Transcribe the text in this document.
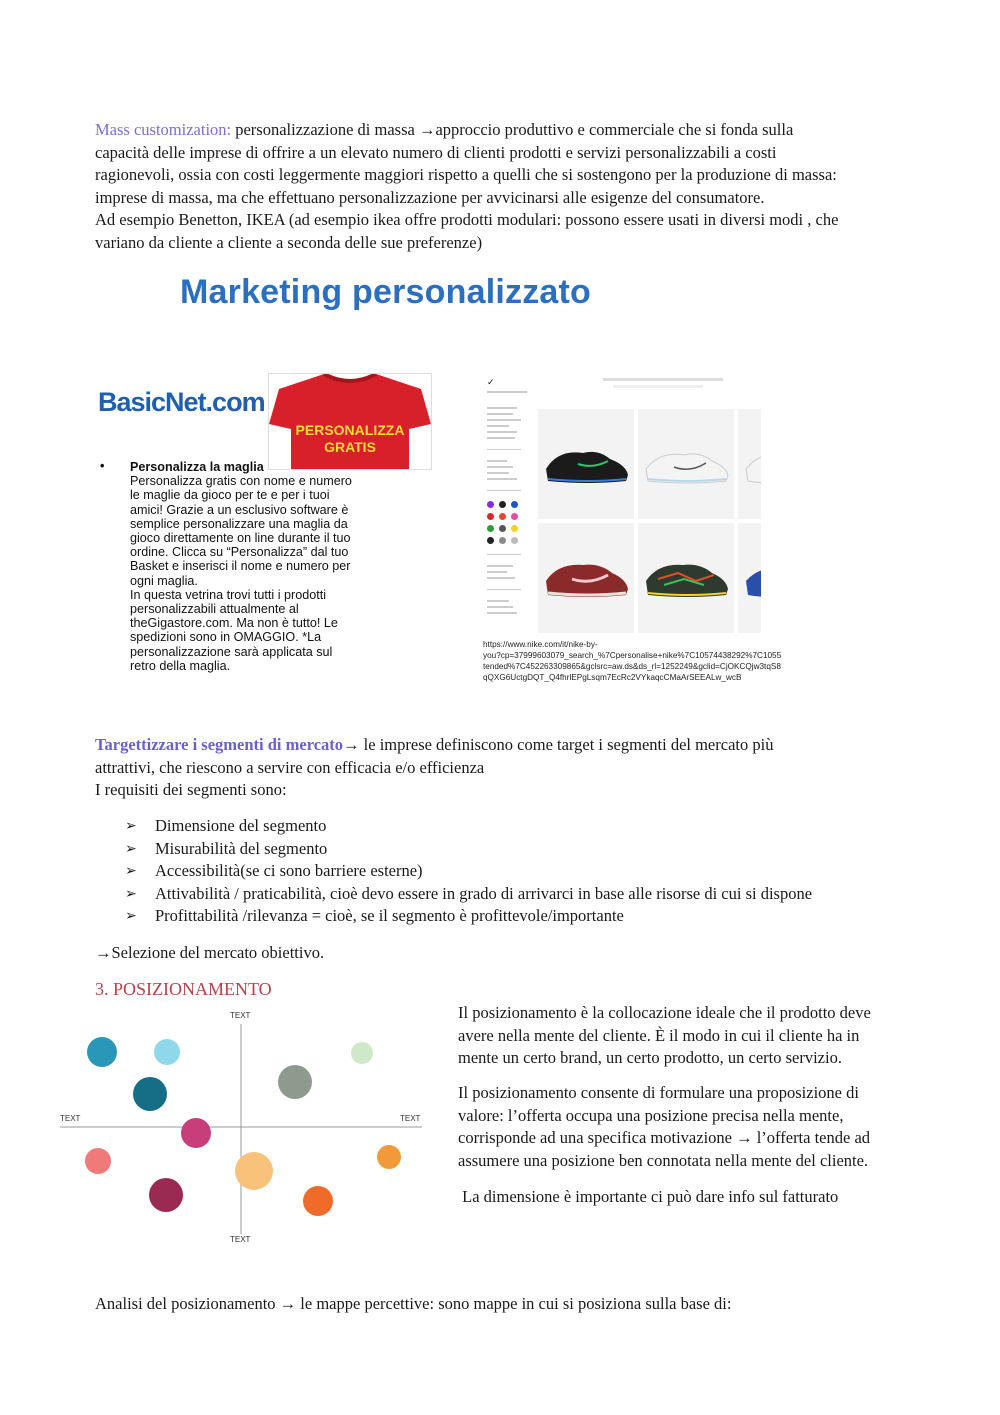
Mass customization: personalizzazione di massa →approccio produttivo e commerciale che si fonda sulla
capacità delle imprese di offrire a un elevato numero di clienti prodotti e servizi personalizzabili a costi
ragionevoli, ossia con costi leggermente maggiori rispetto a quelli che si sostengono per la produzione di massa:
imprese di massa, ma che effettuano personalizzazione per avvicinarsi alle esigenze del consumatore.
Ad esempio Benetton, IKEA (ad esempio ikea offre prodotti modulari: possono essere usati in diversi modi , che
variano da cliente a cliente a seconda delle sue preferenze)
Marketing personalizzato
BasicNet.com
PERSONALIZZA
GRATIS
• Personalizza la maglia
Personalizza gratis con nome e numero
le maglie da gioco per te e per i tuoi
amici! Grazie a un esclusivo software è
semplice personalizzare una maglia da
gioco direttamente on line durante il tuo
ordine. Clicca su “Personalizza” dal tuo
Basket e inserisci il nome e numero per
ogni maglia.
In questa vetrina trovi tutti i prodotti
personalizzabili attualmente al
theGigastore.com. Ma non è tutto! Le
spedizioni sono in OMAGGIO. *La
personalizzazione sarà applicata sul
retro della maglia.
✓
https://www.nike.com/it/nike-by-
you?cp=37999603079_search_%7Cpersonalise+nike%7C10574438292%7C1055
tended%7C452263309865&gclsrc=aw.ds&ds_rl=1252249&gclid=CjOKCQjw3tqS8
qQXG6UctgDQT_Q4fhrlEPgLsqm7EcRc2VYkaqcCMaArSEEALw_wcB
Targettizzare i segmenti di mercato→ le imprese definiscono come target i segmenti del mercato più
attrattivi, che riescono a servire con efficacia e/o efficienza
I requisiti dei segmenti sono:
➢ Dimensione del segmento
➢ Misurabilità del segmento
➢ Accessibilità(se ci sono barriere esterne)
➢ Attivabilità / praticabilità, cioè devo essere in grado di arrivarci in base alle risorse di cui si dispone
➢ Profittabilità /rilevanza = cioè, se il segmento è profittevole/importante
→Selezione del mercato obiettivo.
3. POSIZIONAMENTO
TEXT
TEXT
TEXT	TEXT
Il posizionamento è la collocazione ideale che il prodotto deve
avere nella mente del cliente. È il modo in cui il cliente ha in
mente un certo brand, un certo prodotto, un certo servizio.
Il posizionamento consente di formulare una proposizione di
valore: l’offerta occupa una posizione precisa nella mente,
corrisponde ad una specifica motivazione → l’offerta tende ad
assumere una posizione ben connotata nella mente del cliente.
La dimensione è importante ci può dare info sul fatturato
Analisi del posizionamento → le mappe percettive: sono mappe in cui si posiziona sulla base di:
